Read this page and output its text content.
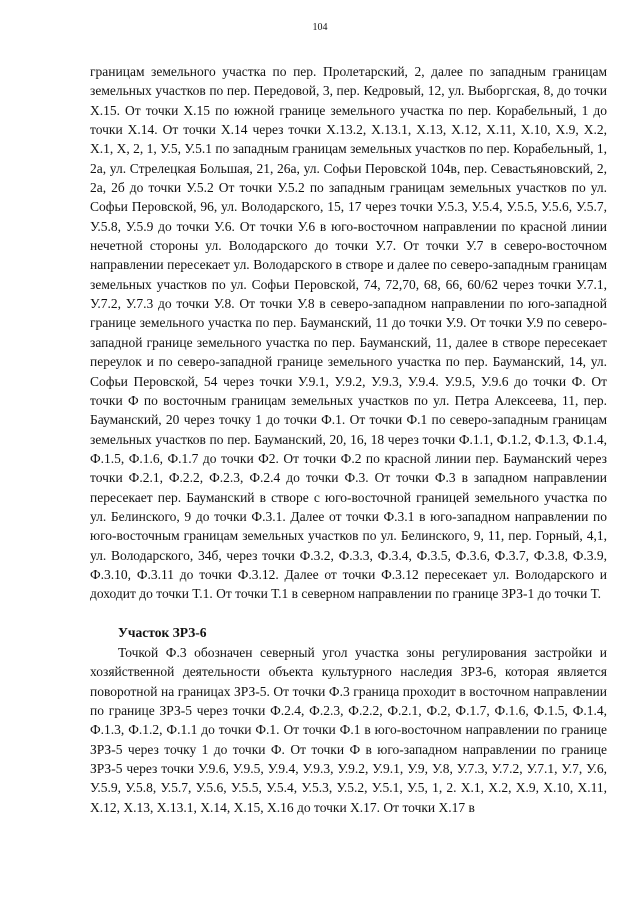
104

границам земельного участка по пер. Пролетарский, 2, далее по западным границам земельных участков по пер. Передовой, 3, пер. Кедровый, 12, ул. Выборгская, 8, до точки Х.15. От точки Х.15 по южной границе земельного участка по пер. Корабельный, 1 до точки Х.14. От точки Х.14 через точки Х.13.2, Х.13.1, Х.13, Х.12, Х.11, Х.10, Х.9, Х.2, Х.1, Х, 2, 1, У.5, У.5.1 по западным границам земельных участков по пер. Корабельный, 1, 2а, ул. Стрелецкая Большая, 21, 26а, ул. Софьи Перовской 104в, пер. Севастьяновский, 2, 2а, 2б до точки У.5.2 От точки У.5.2 по западным границам земельных участков по ул. Софьи Перовской, 96, ул. Володарского, 15, 17 через точки У.5.3, У.5.4, У.5.5, У.5.6, У.5.7, У.5.8, У.5.9 до точки У.6. От точки У.6 в юго-восточном направлении по красной линии нечетной стороны ул. Володарского до точки У.7. От точки У.7 в северо-восточном направлении пересекает ул. Володарского в створе и далее по северо-западным границам земельных участков по ул. Софьи Перовской, 74, 72,70, 68, 66, 60/62 через точки У.7.1, У.7.2, У.7.3 до точки У.8. От точки У.8 в северо-западном направлении по юго-западной границе земельного участка по пер. Бауманский, 11 до точки У.9. От точки У.9 по северо-западной границе земельного участка по пер. Бауманский, 11, далее в створе пересекает переулок и по северо-западной границе земельного участка по пер. Бауманский, 14, ул. Софьи Перовской, 54 через точки У.9.1, У.9.2, У.9.3, У.9.4. У.9.5, У.9.6 до точки Ф. От точки Ф по восточным границам земельных участков по ул. Петра Алексеева, 11, пер. Бауманский, 20 через точку 1 до точки Ф.1. От точки Ф.1 по северо-западным границам земельных участков по пер. Бауманский, 20, 16, 18 через точки Ф.1.1, Ф.1.2, Ф.1.3, Ф.1.4, Ф.1.5, Ф.1.6, Ф.1.7 до точки Ф2. От точки Ф.2 по красной линии пер. Бауманский через точки Ф.2.1, Ф.2.2, Ф.2.3, Ф.2.4 до точки Ф.3. От точки Ф.3 в западном направлении пересекает пер. Бауманский в створе с юго-восточной границей земельного участка по ул. Белинского, 9 до точки Ф.3.1. Далее от точки Ф.3.1 в юго-западном направлении по юго-восточным границам земельных участков по ул. Белинского, 9, 11, пер. Горный, 4,1, ул. Володарского, 34б, через точки Ф.3.2, Ф.3.3, Ф.3.4, Ф.3.5, Ф.3.6, Ф.3.7, Ф.3.8, Ф.3.9, Ф.3.10, Ф.3.11 до точки Ф.3.12. Далее от точки Ф.3.12 пересекает ул. Володарского и доходит до точки Т.1. От точки Т.1 в северном направлении по границе ЗРЗ-1 до точки Т.

Участок ЗРЗ-6

Точкой Ф.3 обозначен северный угол участка зоны регулирования застройки и хозяйственной деятельности объекта культурного наследия ЗРЗ-6, которая является поворотной на границах ЗРЗ-5. От точки Ф.3 граница проходит в восточном направлении по границе ЗРЗ-5 через точки Ф.2.4, Ф.2.3, Ф.2.2, Ф.2.1, Ф.2, Ф.1.7, Ф.1.6, Ф.1.5, Ф.1.4, Ф.1.3, Ф.1.2, Ф.1.1 до точки Ф.1. От точки Ф.1 в юго-восточном направлении по границе ЗРЗ-5 через точку 1 до точки Ф. От точки Ф в юго-западном направлении по границе ЗРЗ-5 через точки У.9.6, У.9.5, У.9.4, У.9.3, У.9.2, У.9.1, У.9, У.8, У.7.3, У.7.2, У.7.1, У.7, У.6, У.5.9, У.5.8, У.5.7, У.5.6, У.5.5, У.5.4, У.5.3, У.5.2, У.5.1, У.5, 1, 2. Х.1, Х.2, Х.9, Х.10, Х.11, Х.12, Х.13, Х.13.1, Х.14, Х.15, Х.16 до точки Х.17. От точки Х.17 в
